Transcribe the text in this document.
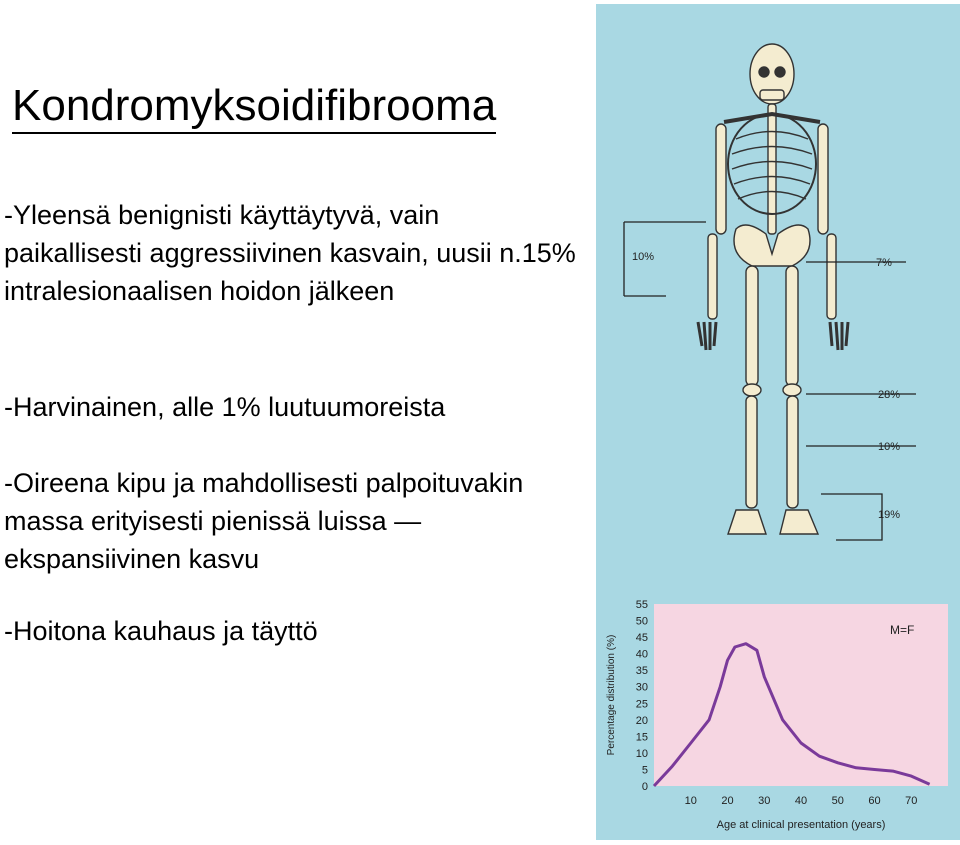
Kondromyksoidifibrooma
-Yleensä benignisti käyttäytyvä, vain paikallisesti aggressiivinen kasvain, uusii n.15% intralesionaalisen hoidon jälkeen
-Harvinainen, alle 1% luutuumoreista
-Oireena kipu ja mahdollisesti palpoituvakin massa erityisesti pienissä luissa —ekspansiivinen kasvu
-Hoitona kauhaus ja täyttö
10%	7%
28%
10%
19%
0
5
10
15
20
25
30
35
40
45
50
55
10 20 30 40 50 60 70
M=F
Age at clinical presentation (years)
Percentage distribution (%)
